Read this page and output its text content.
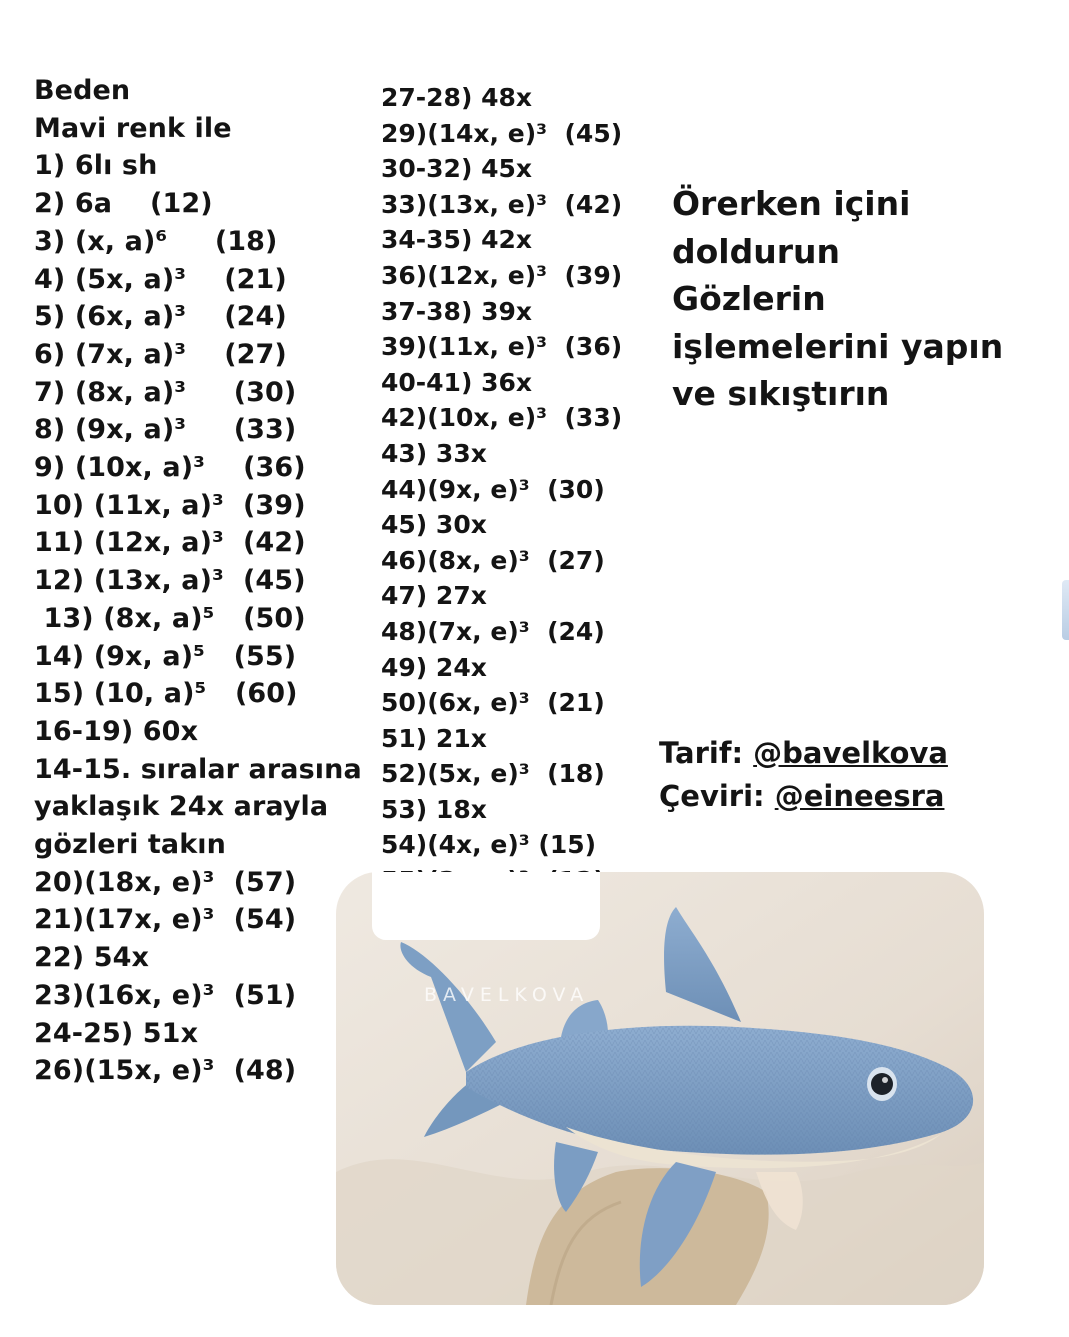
Beden
Mavi renk ile
1) 6lı sh
2) 6a    (12)
3) (x, a)⁶     (18)
4) (5x, a)³    (21)
5) (6x, a)³    (24)
6) (7x, a)³    (27)
7) (8x, a)³     (30)
8) (9x, a)³     (33)
9) (10x, a)³    (36)
10) (11x, a)³  (39)
11) (12x, a)³  (42)
12) (13x, a)³  (45)
13) (8x, a)⁵   (50)
14) (9x, a)⁵   (55)
15) (10, a)⁵   (60)
16-19) 60x
14-15. sıralar arasına
yaklaşık 24x arayla
gözleri takın
20)(18x, e)³  (57)
21)(17x, e)³  (54)
22) 54x
23)(16x, e)³  (51)
24-25) 51x
26)(15x, e)³  (48)
27-28) 48x
29)(14x, e)³  (45)
30-32) 45x
33)(13x, e)³  (42)
34-35) 42x
36)(12x, e)³  (39)
37-38) 39x
39)(11x, e)³  (36)
40-41) 36x
42)(10x, e)³  (33)
43) 33x
44)(9x, e)³  (30)
45) 30x
46)(8x, e)³  (27)
47) 27x
48)(7x, e)³  (24)
49) 24x
50)(6x, e)³  (21)
51) 21x
52)(5x, e)³  (18)
53) 18x
54)(4x, e)³ (15)
Örerken içini
doldurun
Gözlerin
işlemelerini yapın
ve sıkıştırın
Tarif: @bavelkova
Çeviri: @eineesra
BAVELKOVA
